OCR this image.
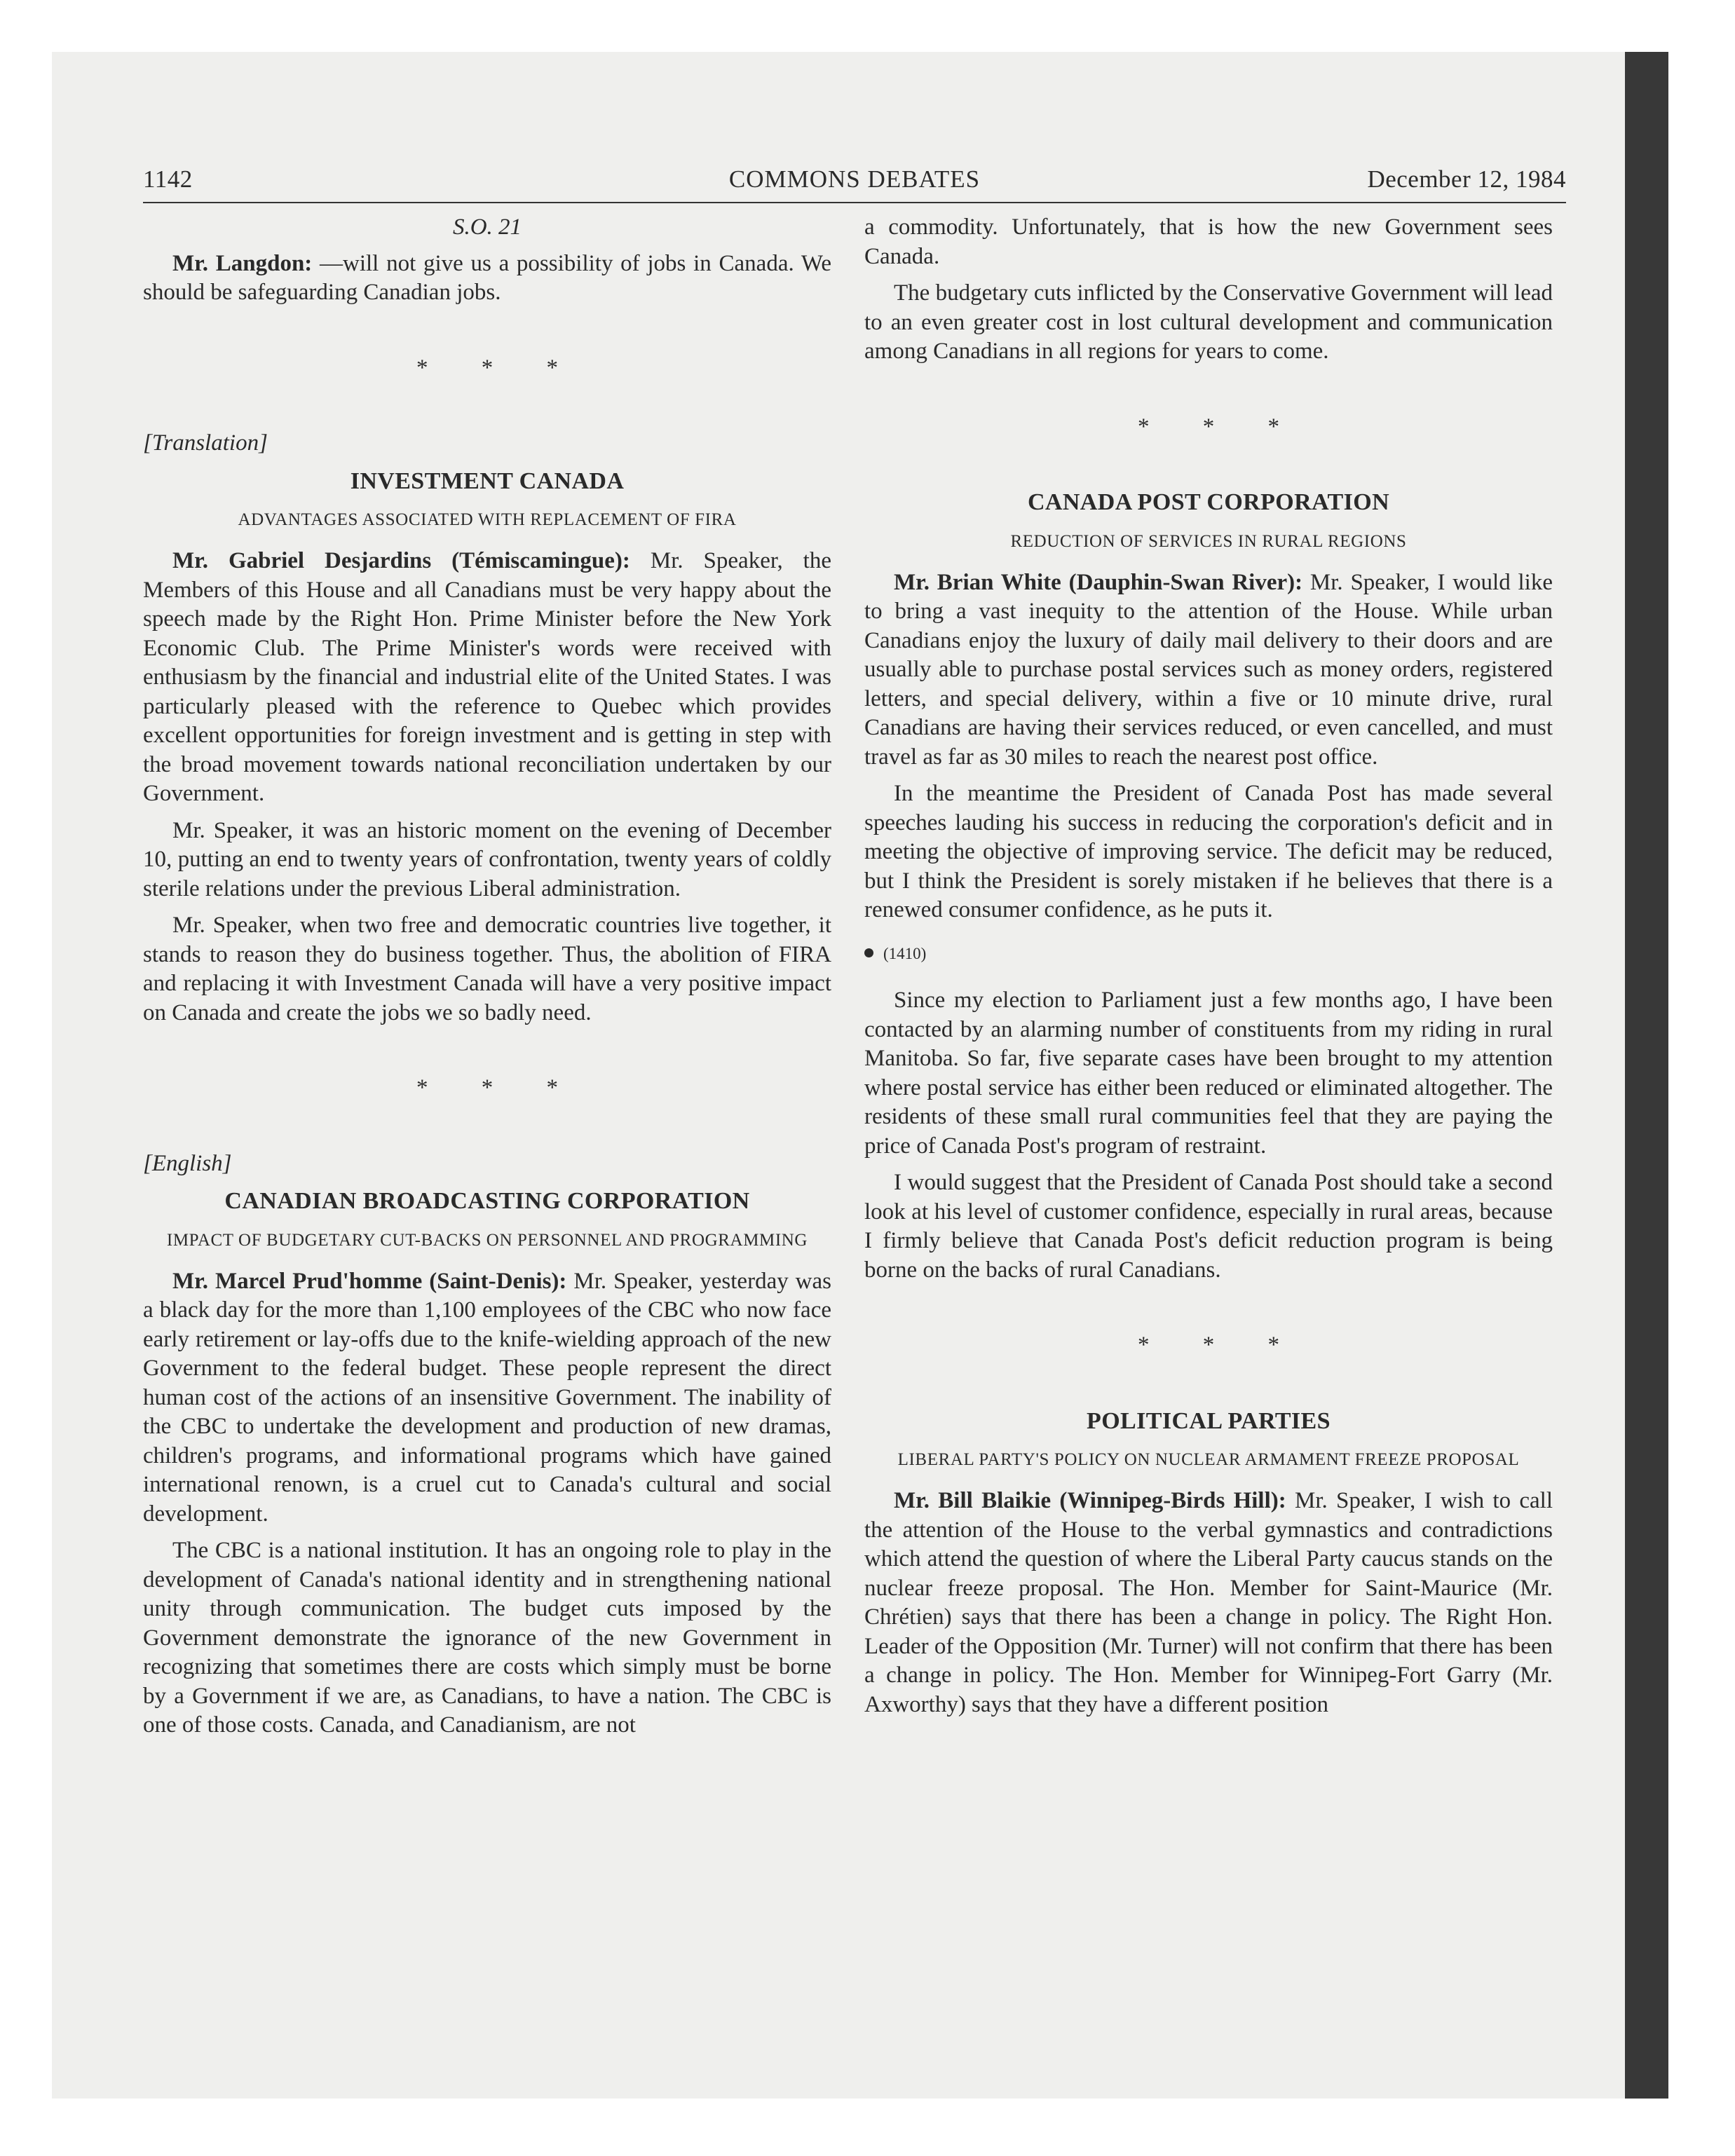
1142	COMMONS DEBATES	December 12, 1984
S.O. 21

Mr. Langdon: —will not give us a possibility of jobs in Canada. We should be safeguarding Canadian jobs.

* * *
[Translation]
INVESTMENT CANADA
ADVANTAGES ASSOCIATED WITH REPLACEMENT OF FIRA

Mr. Gabriel Desjardins (Témiscamingue): Mr. Speaker, the Members of this House and all Canadians must be very happy about the speech made by the Right Hon. Prime Minister before the New York Economic Club. The Prime Minister's words were received with enthusiasm by the financial and industrial elite of the United States. I was particularly pleased with the reference to Quebec which provides excellent opportunities for foreign investment and is getting in step with the broad movement towards national reconciliation undertaken by our Government.

Mr. Speaker, it was an historic moment on the evening of December 10, putting an end to twenty years of confrontation, twenty years of coldly sterile relations under the previous Liberal administration.

Mr. Speaker, when two free and democratic countries live together, it stands to reason they do business together. Thus, the abolition of FIRA and replacing it with Investment Canada will have a very positive impact on Canada and create the jobs we so badly need.

* * *
[English]
CANADIAN BROADCASTING CORPORATION
IMPACT OF BUDGETARY CUT-BACKS ON PERSONNEL AND PROGRAMMING

Mr. Marcel Prud'homme (Saint-Denis): Mr. Speaker, yesterday was a black day for the more than 1,100 employees of the CBC who now face early retirement or lay-offs due to the knife-wielding approach of the new Government to the federal budget. These people represent the direct human cost of the actions of an insensitive Government. The inability of the CBC to undertake the development and production of new dramas, children's programs, and informational programs which have gained international renown, is a cruel cut to Canada's cultural and social development.

The CBC is a national institution. It has an ongoing role to play in the development of Canada's national identity and in strengthening national unity through communication. The budget cuts imposed by the Government demonstrate the ignorance of the new Government in recognizing that sometimes there are costs which simply must be borne by a Government if we are, as Canadians, to have a nation. The CBC is one of those costs. Canada, and Canadianism, are not

a commodity. Unfortunately, that is how the new Government sees Canada.

The budgetary cuts inflicted by the Conservative Government will lead to an even greater cost in lost cultural development and communication among Canadians in all regions for years to come.

* * *
CANADA POST CORPORATION
REDUCTION OF SERVICES IN RURAL REGIONS

Mr. Brian White (Dauphin-Swan River): Mr. Speaker, I would like to bring a vast inequity to the attention of the House. While urban Canadians enjoy the luxury of daily mail delivery to their doors and are usually able to purchase postal services such as money orders, registered letters, and special delivery, within a five or 10 minute drive, rural Canadians are having their services reduced, or even cancelled, and must travel as far as 30 miles to reach the nearest post office.

In the meantime the President of Canada Post has made several speeches lauding his success in reducing the corporation's deficit and in meeting the objective of improving service. The deficit may be reduced, but I think the President is sorely mistaken if he believes that there is a renewed consumer confidence, as he puts it.

(1410)

Since my election to Parliament just a few months ago, I have been contacted by an alarming number of constituents from my riding in rural Manitoba. So far, five separate cases have been brought to my attention where postal service has either been reduced or eliminated altogether. The residents of these small rural communities feel that they are paying the price of Canada Post's program of restraint.

I would suggest that the President of Canada Post should take a second look at his level of customer confidence, especially in rural areas, because I firmly believe that Canada Post's deficit reduction program is being borne on the backs of rural Canadians.

* * *
POLITICAL PARTIES
LIBERAL PARTY'S POLICY ON NUCLEAR ARMAMENT FREEZE PROPOSAL

Mr. Bill Blaikie (Winnipeg-Birds Hill): Mr. Speaker, I wish to call the attention of the House to the verbal gymnastics and contradictions which attend the question of where the Liberal Party caucus stands on the nuclear freeze proposal. The Hon. Member for Saint-Maurice (Mr. Chrétien) says that there has been a change in policy. The Right Hon. Leader of the Opposition (Mr. Turner) will not confirm that there has been a change in policy. The Hon. Member for Winnipeg-Fort Garry (Mr. Axworthy) says that they have a different position
